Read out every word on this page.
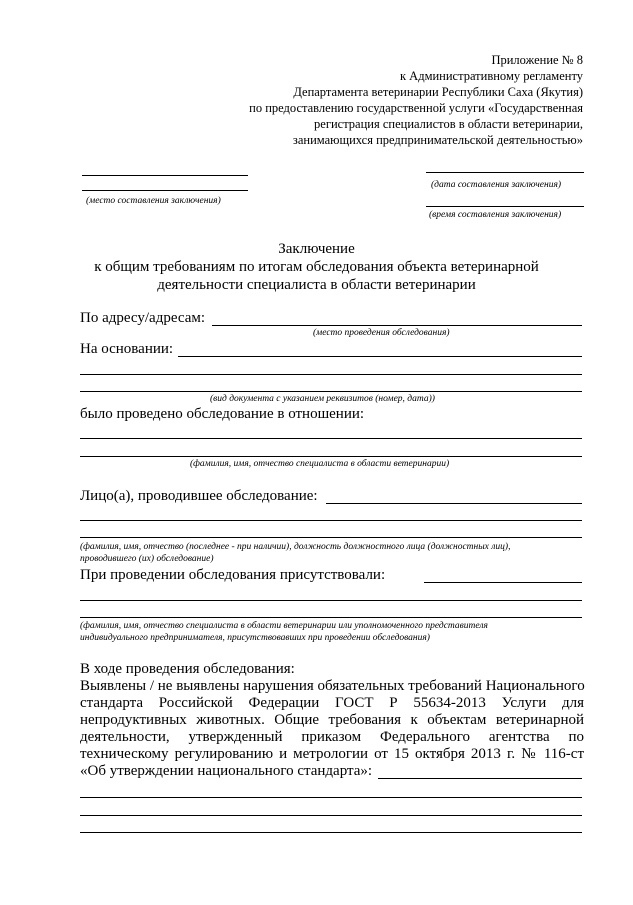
Приложение № 8
к Административному регламенту
Департамента ветеринарии Республики Саха (Якутия)
по предоставлению государственной услуги «Государственная
регистрация специалистов в области ветеринарии,
занимающихся предпринимательской деятельностью»
(место составления заключения)
(дата составления заключения)
(время составления заключения)
Заключение
к общим требованиям по итогам обследования объекта ветеринарной
деятельности специалиста в области ветеринарии
По адресу/адресам:
(место проведения обследования)
На основании:
(вид документа с указанием реквизитов (номер, дата))
было проведено обследование в отношении:
(фамилия, имя, отчество специалиста в области ветеринарии)
Лицо(а), проводившее обследование:
(фамилия, имя, отчество (последнее - при наличии), должность должностного лица (должностных лиц),
проводившего (их) обследование)
При проведении обследования присутствовали:
(фамилия, имя, отчество специалиста в области ветеринарии или уполномоченного представителя
индивидуального предпринимателя, присутствовавших при проведении обследования)
В ходе проведения обследования:
Выявлены / не выявлены нарушения обязательных требований Национального
стандарта Российской Федерации ГОСТ Р 55634-2013 Услуги для
непродуктивных животных. Общие требования к объектам ветеринарной
деятельности, утвержденный приказом Федерального агентства по
техническому регулированию и метрологии от 15 октября 2013 г. № 116-ст
«Об утверждении национального стандарта»:
